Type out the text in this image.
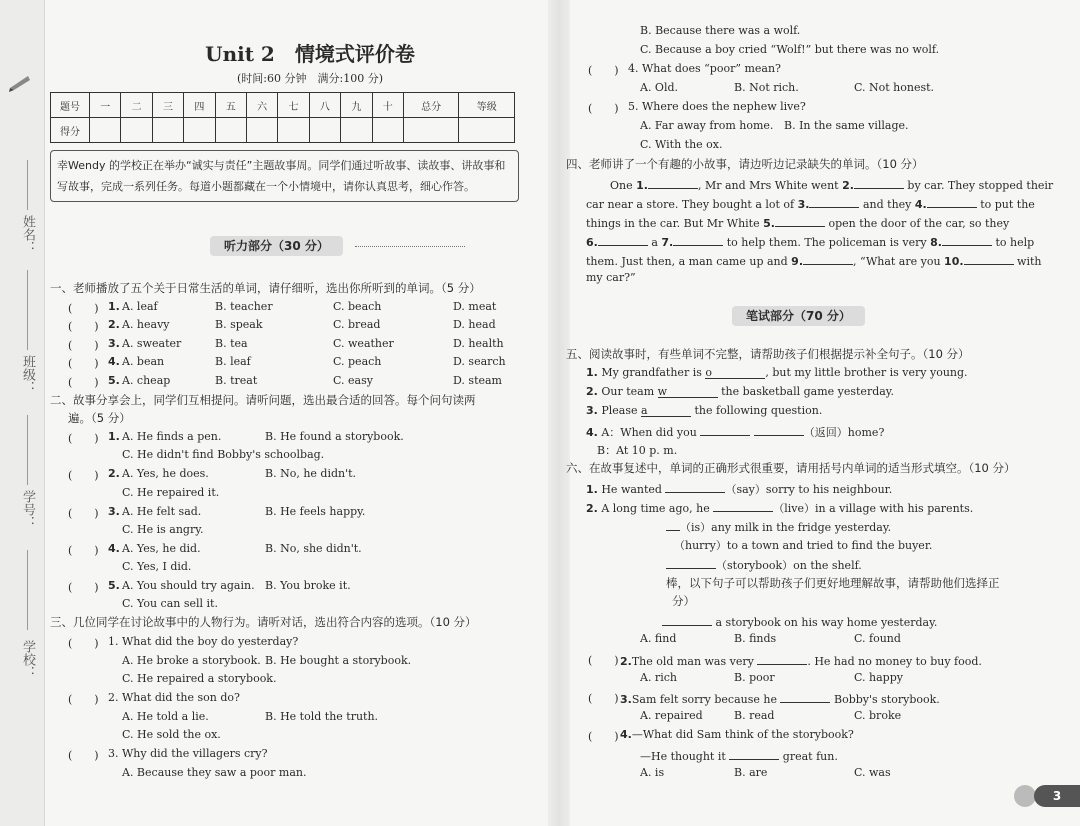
姓名：
班级：
学号：
学校：
Unit 2　情境式评价卷
(时间:60 分钟　满分:100 分)
题号	一	二	三	四	五	六	七	八	九	十	总分	等级
得分												
幸Wendy 的学校正在举办“诚实与责任”主题故事周。同学们通过听故事、读故事、讲故事和写故事，完成一系列任务。每道小题都藏在一个小情境中，请你认真思考，细心作答。
听力部分（30 分）
一、老师播放了五个关于日常生活的单词，请仔细听，选出你所听到的单词。（5 分）
(　　) 1. A. leaf	B. teacher	C. beach	D. meat
(　　) 2. A. heavy	B. speak	C. bread	D. head
(　　) 3. A. sweater	B. tea	C. weather	D. health
(　　) 4. A. bean	B. leaf	C. peach	D. search
(　　) 5. A. cheap	B. treat	C. easy	D. steam
二、故事分享会上，同学们互相提问。请听问题，选出最合适的回答。每个问句读两
遍。（5 分）
(　　) 1. A. He finds a pen.	B. He found a storybook.
C. He didn't find Bobby's schoolbag.
(　　) 2. A. Yes, he does.	B. No, he didn't.
C. He repaired it.
(　　) 3. A. He felt sad.	B. He feels happy.
C. He is angry.
(　　) 4. A. Yes, he did.	B. No, she didn't.
C. Yes, I did.
(　　) 5. A. You should try again. B. You broke it.
C. You can sell it.
三、几位同学在讨论故事中的人物行为。请听对话，选出符合内容的选项。（10 分）
(　　) 1. What did the boy do yesterday?
A. He broke a storybook. B. He bought a storybook.
C. He repaired a storybook.
(　　) 2. What did the son do?
A. He told a lie.	B. He told the truth.
C. He sold the ox.
(　　) 3. Why did the villagers cry?
A. Because they saw a poor man.
B. Because there was a wolf.
C. Because a boy cried “Wolf!” but there was no wolf.
(　　) 4. What does “poor” mean?
A. Old.	B. Not rich.	C. Not honest.
(　　) 5. Where does the nephew live?
A. Far away from home. B. In the same village.
C. With the ox.
四、老师讲了一个有趣的小故事，请边听边记录缺失的单词。（10 分）
One 1.	, Mr and Mrs White went 2.	by car. They stopped their
car near a store. They bought a lot of 3.	and they 4.	to put the
things in the car. But Mr White 5.	open the door of the car, so they
6.	a 7.	to help them. The policeman is very 8.	to help
them. Just then, a man came up and 9.	, “What are you 10.	with
my car?”
笔试部分（70 分）
五、阅读故事时，有些单词不完整，请帮助孩子们根据提示补全句子。（10 分）
1. My grandfather is o	, but my little brother is very young.
2. Our team w	the basketball game yesterday.
3. Please a	the following question.
4. A：When did you	（返回）home?
B：At 10 p. m.
六、在故事复述中，单词的正确形式很重要，请用括号内单词的适当形式填空。（10 分）
1. He wanted	（say）sorry to his neighbour.
2. A long time ago, he	（live）in a village with his parents.
（is）any milk in the fridge yesterday.
（hurry）to a town and tried to find the buyer.
（storybook）on the shelf.
棒，以下句子可以帮助孩子们更好地理解故事，请帮助他们选择正
分）
a storybook on his way home yesterday.
A. find	B. finds	C. found
(　　) 2.The old man was very	. He had no money to buy food.
A. rich	B. poor	C. happy
(　　) 3.Sam felt sorry because he	Bobby's storybook.
A. repaired	B. read	C. broke
(　　) 4.—What did Sam think of the storybook?
—He thought it	great fun.
A. is	B. are	C. was
3
